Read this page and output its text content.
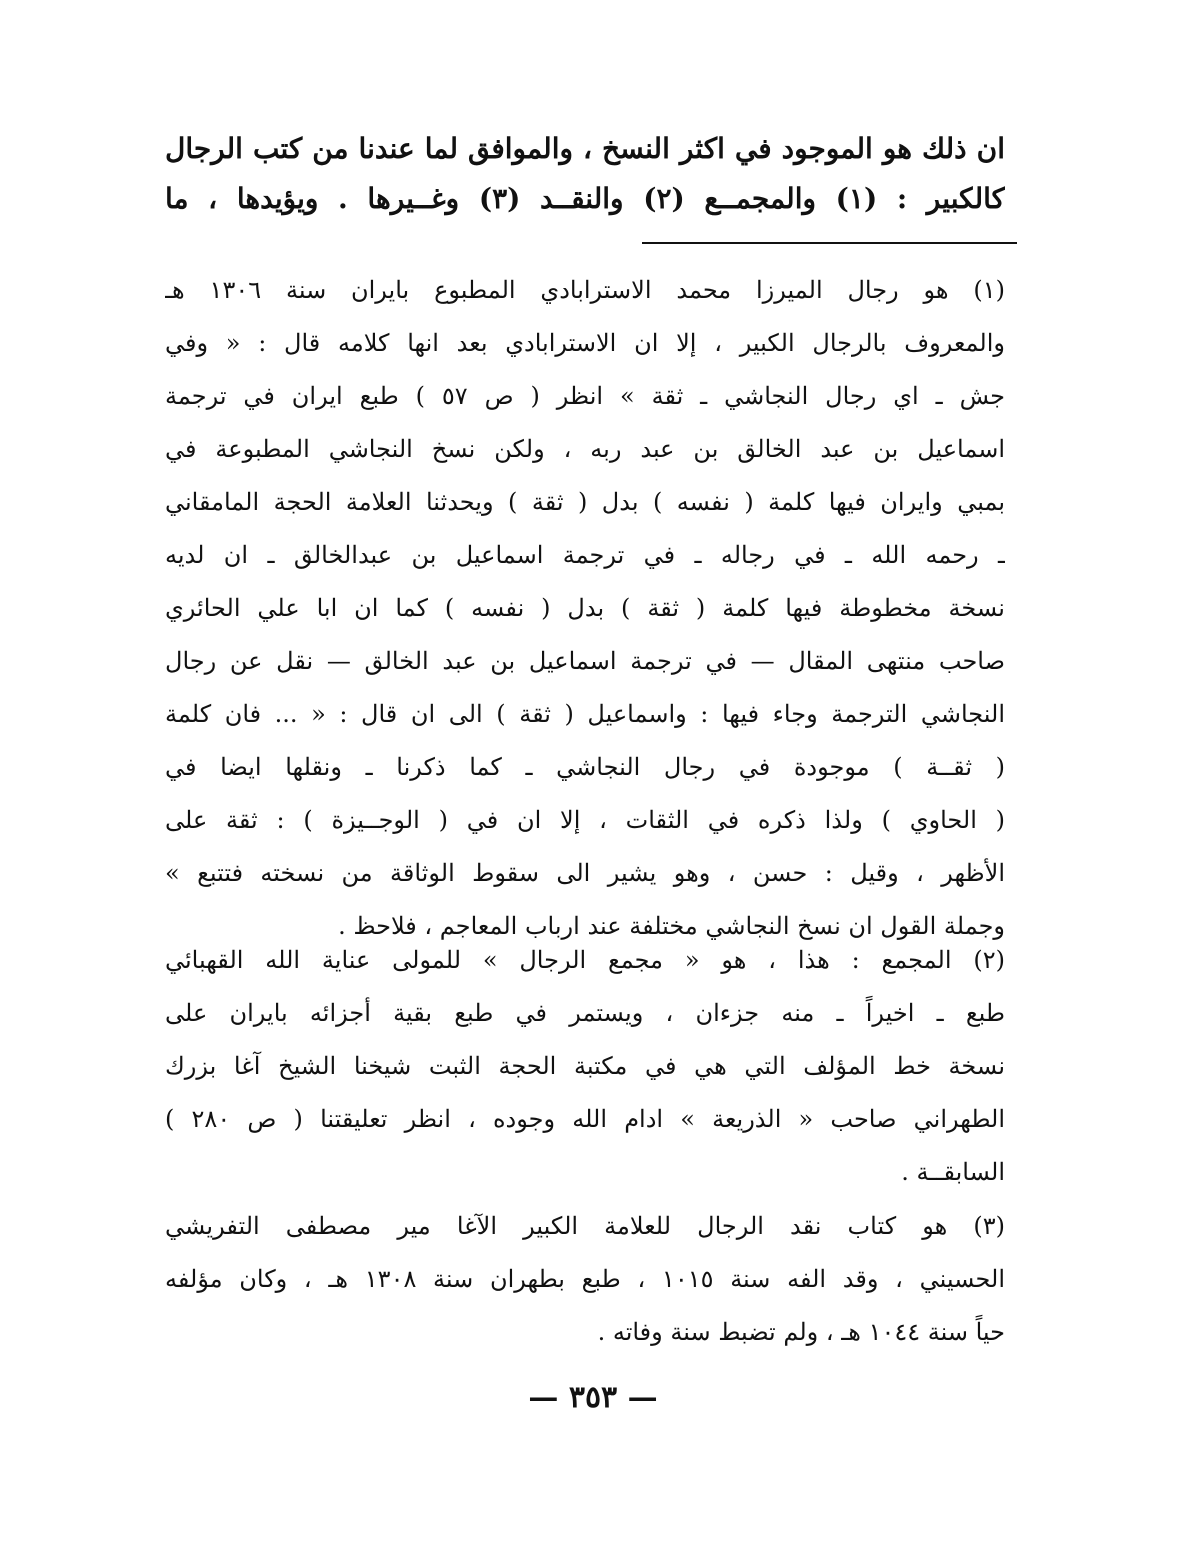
ان ذلك هو الموجود في اكثر النسخ ، والموافق لما عندنا من كتب الرجال
كالكبير : (١) والمجمــع (٢) والنقــد (٣) وغــيرها . ويؤيدها ، ما
(١) هو رجال الميرزا محمد الاسترابادي المطبوع بايران سنة ١٣٠٦ هـ
والمعروف بالرجال الكبير ، إلا ان الاسترابادي بعد انها كلامه قال : « وفي
جش ـ اي رجال النجاشي ـ ثقة » انظر ( ص ٥٧ ) طبع ايران في ترجمة
اسماعيل بن عبد الخالق بن عبد ربه ، ولكن نسخ النجاشي المطبوعة في
بمبي وايران فيها كلمة ( نفسه ) بدل ( ثقة ) ويحدثنا العلامة الحجة المامقاني
ـ رحمه الله ـ في رجاله ـ في ترجمة اسماعيل بن عبدالخالق ـ ان لديه
نسخة مخطوطة فيها كلمة ( ثقة ) بدل ( نفسه ) كما ان ابا علي الحائري
صاحب منتهى المقال — في ترجمة اسماعيل بن عبد الخالق — نقل عن رجال
النجاشي الترجمة وجاء فيها : واسماعيل ( ثقة ) الى ان قال : « ... فان كلمة
( ثقــة ) موجودة في رجال النجاشي ـ كما ذكرنا ـ ونقلها ايضا في
( الحاوي ) ولذا ذكره في الثقات ، إلا ان في ( الوجــيزة ) : ثقة على
الأظهر ، وقيل : حسن ، وهو يشير الى سقوط الوثاقة من نسخته فتتبع »
وجملة القول ان نسخ النجاشي مختلفة عند ارباب المعاجم ، فلاحظ .
(٢) المجمع : هذا ، هو « مجمع الرجال » للمولى عناية الله القهبائي
طبع ـ اخيراً ـ منه جزءان ، ويستمر في طبع بقية أجزائه بايران على
نسخة خط المؤلف التي هي في مكتبة الحجة الثبت شيخنا الشيخ آغا بزرك
الطهراني صاحب « الذريعة » ادام الله وجوده ، انظر تعليقتنا ( ص ٢٨٠ )
السابقــة .
(٣) هو كتاب نقد الرجال للعلامة الكبير الآغا مير مصطفى التفريشي
الحسيني ، وقد الفه سنة ١٠١٥ ، طبع بطهران سنة ١٣٠٨ هـ ، وكان مؤلفه
حياً سنة ١٠٤٤ هـ ، ولم تضبط سنة وفاته .
— ٣٥٣ —
